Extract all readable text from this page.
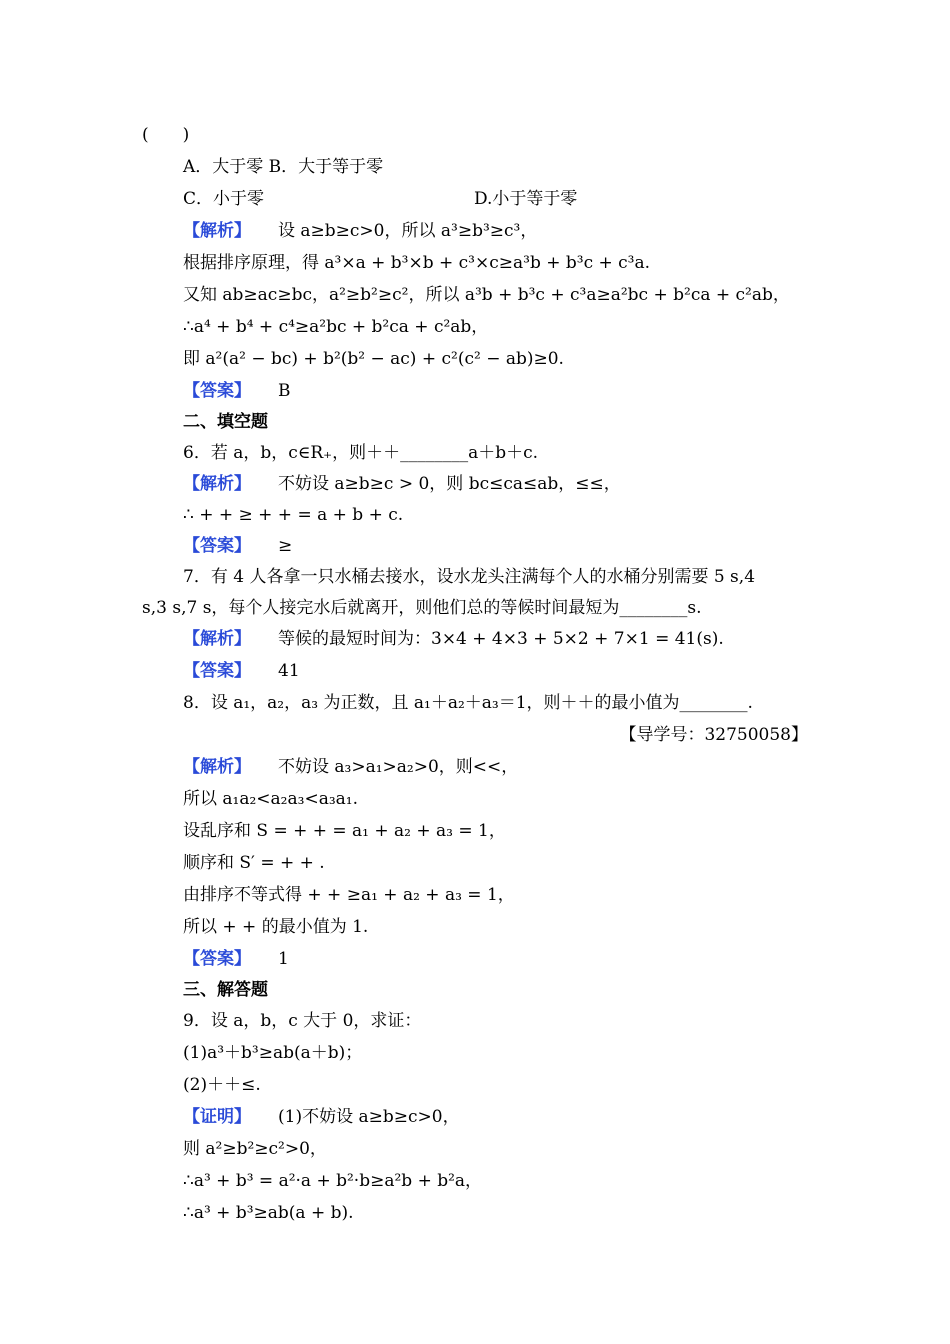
(　　)
A．大于零 B．大于等于零
C．小于零	D.小于等于零
【解析】 设 a≥b≥c>0，所以 a³≥b³≥c³，
根据排序原理，得 a³×a + b³×b + c³×c≥a³b + b³c + c³a.
又知 ab≥ac≥bc，a²≥b²≥c²，所以 a³b + b³c + c³a≥a²bc + b²ca + c²ab，
∴a⁴ + b⁴ + c⁴≥a²bc + b²ca + c²ab，
即 a²(a² − bc) + b²(b² − ac) + c²(c² − ab)≥0.
【答案】 B
二、填空题
6．若 a，b，c∈R₊，则＋＋________a＋b＋c.
【解析】 不妨设 a≥b≥c > 0，则 bc≤ca≤ab，≤≤，
∴ + + ≥ + + = a + b + c.
【答案】 ≥
7．有 4 人各拿一只水桶去接水，设水龙头注满每个人的水桶分别需要 5 s,4
s,3 s,7 s，每个人接完水后就离开，则他们总的等候时间最短为________s.
【解析】 等候的最短时间为：3×4 + 4×3 + 5×2 + 7×1 = 41(s).
【答案】 41
8．设 a₁，a₂，a₃ 为正数，且 a₁＋a₂＋a₃＝1，则＋＋的最小值为________.
【导学号：32750058】
【解析】 不妨设 a₃>a₁>a₂>0，则<<，
所以 a₁a₂<a₂a₃<a₃a₁.
设乱序和 S = + + = a₁ + a₂ + a₃ = 1，
顺序和 S′ = + + .
由排序不等式得 + + ≥a₁ + a₂ + a₃ = 1，
所以 + + 的最小值为 1.
【答案】 1
三、解答题
9．设 a，b，c 大于 0，求证：
(1)a³＋b³≥ab(a＋b)；
(2)＋＋≤.
【证明】 (1)不妨设 a≥b≥c>0，
则 a²≥b²≥c²>0，
∴a³ + b³ = a²·a + b²·b≥a²b + b²a，
∴a³ + b³≥ab(a + b).
